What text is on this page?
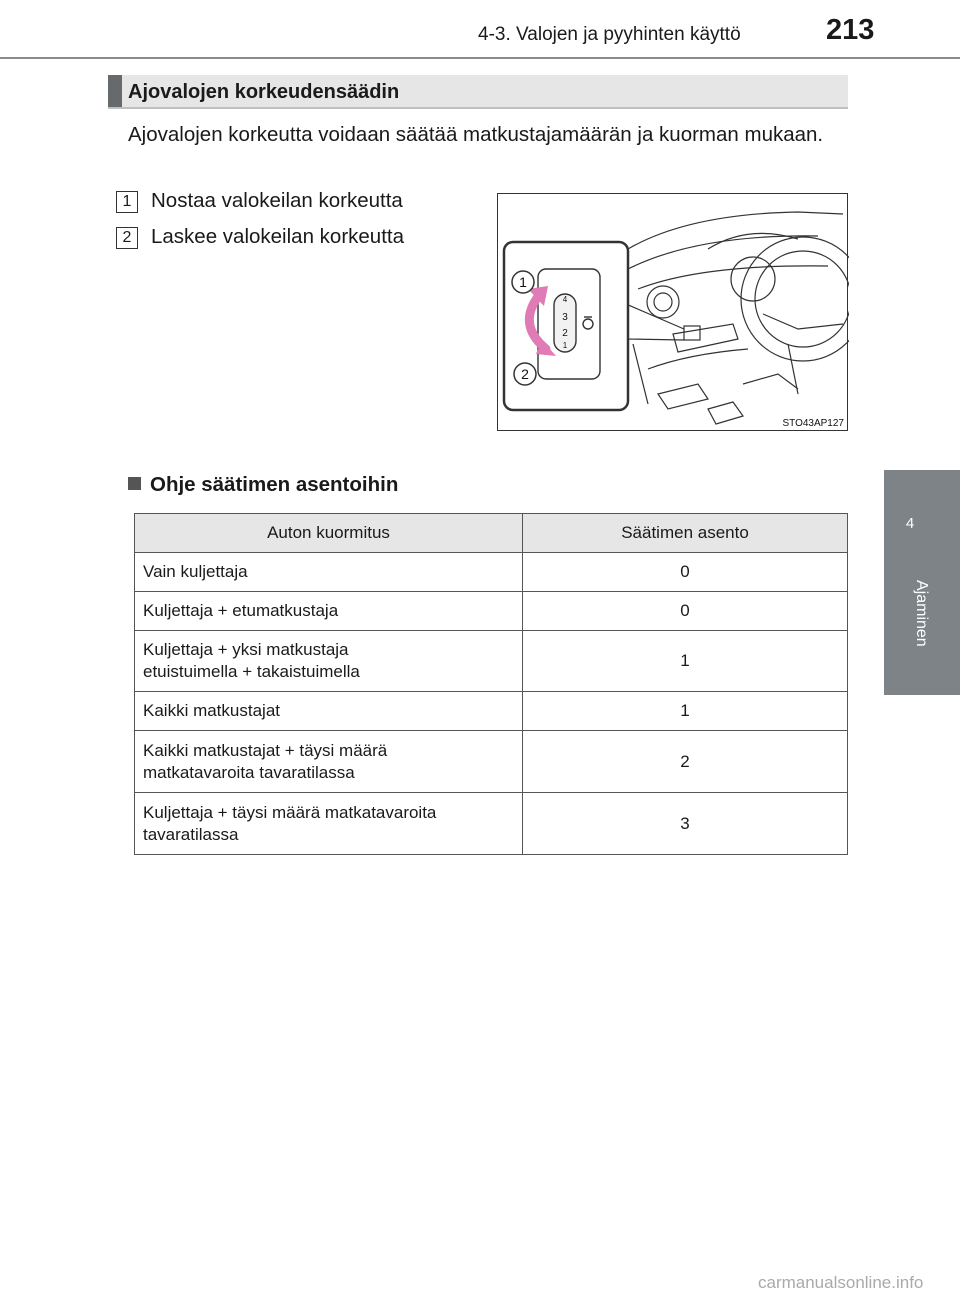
4-3. Valojen ja pyyhinten käyttö	213
4
Ajaminen
Ajovalojen korkeudensäädin
Ajovalojen korkeutta voidaan säätää matkustajamäärän ja kuorman mukaan.
1 Nostaa valokeilan korkeutta
2 Laskee valokeilan korkeutta
4
3
2
1
1
2
STO43AP127
Ohje säätimen asentoihin
Auton kuormitus	Säätimen asento
Vain kuljettaja	0
Kuljettaja + etumatkustaja	0
Kuljettaja + yksi matkustaja
etuistuimella + takaistuimella	1
Kaikki matkustajat	1
Kaikki matkustajat + täysi määrä
matkatavaroita tavaratilassa	2
Kuljettaja + täysi määrä matkatavaroita
tavaratilassa	3
carmanualsonline.info
